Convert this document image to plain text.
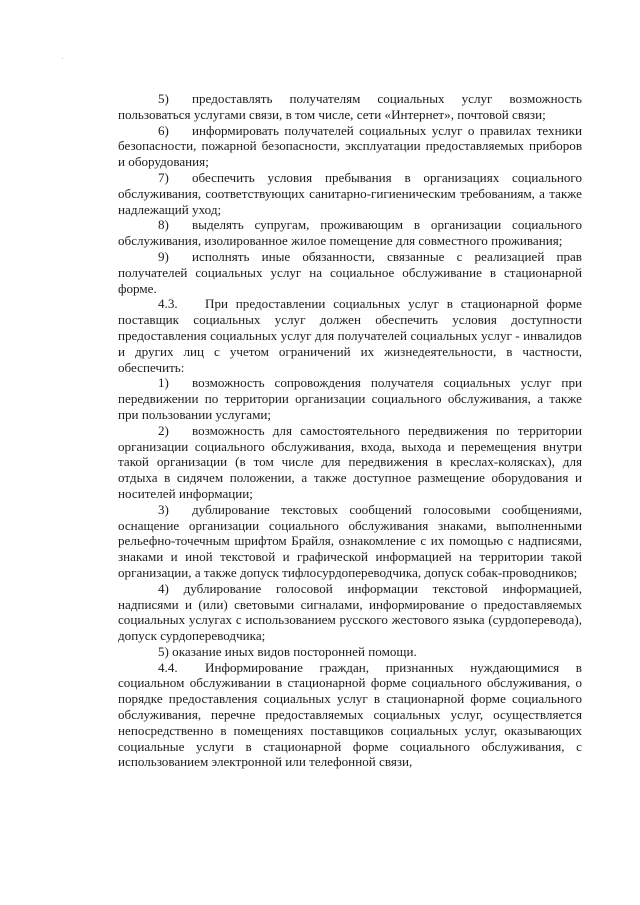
5) предоставлять получателям социальных услуг возможность пользоваться услугами связи, в том числе, сети «Интернет», почтовой связи;

6) информировать получателей социальных услуг о правилах техники безопасности, пожарной безопасности, эксплуатации предоставляемых приборов и оборудования;

7) обеспечить условия пребывания в организациях социального обслуживания, соответствующих санитарно-гигиеническим требованиям, а также надлежащий уход;

8) выделять супругам, проживающим в организации социального обслуживания, изолированное жилое помещение для совместного проживания;

9) исполнять иные обязанности, связанные с реализацией прав получателей социальных услуг на социальное обслуживание в стационарной форме.

4.3. При предоставлении социальных услуг в стационарной форме поставщик социальных услуг должен обеспечить условия доступности предоставления социальных услуг для получателей социальных услуг - инвалидов и других лиц с учетом ограничений их жизнедеятельности, в частности, обеспечить:

1) возможность сопровождения получателя социальных услуг при передвижении по территории организации социального обслуживания, а также при пользовании услугами;

2) возможность для самостоятельного передвижения по территории организации социального обслуживания, входа, выхода и перемещения внутри такой организации (в том числе для передвижения в креслах-колясках), для отдыха в сидячем положении, а также доступное размещение оборудования и носителей информации;

3) дублирование текстовых сообщений голосовыми сообщениями, оснащение организации социального обслуживания знаками, выполненными рельефно-точечным шрифтом Брайля, ознакомление с их помощью с надписями, знаками и иной текстовой и графической информацией на территории такой организации, а также допуск тифлосурдопереводчика, допуск собак-проводников;

4) дублирование голосовой информации текстовой информацией, надписями и (или) световыми сигналами, информирование о предоставляемых социальных услугах с использованием русского жестового языка (сурдоперевода), допуск сурдопереводчика;

5) оказание иных видов посторонней помощи.

4.4. Информирование граждан, признанных нуждающимися в социальном обслуживании в стационарной форме социального обслуживания, о порядке предоставления социальных услуг в стационарной форме социального обслуживания, перечне предоставляемых социальных услуг, осуществляется непосредственно в помещениях поставщиков социальных услуг, оказывающих социальные услуги в стационарной форме социального обслуживания, с использованием электронной или телефонной связи,
